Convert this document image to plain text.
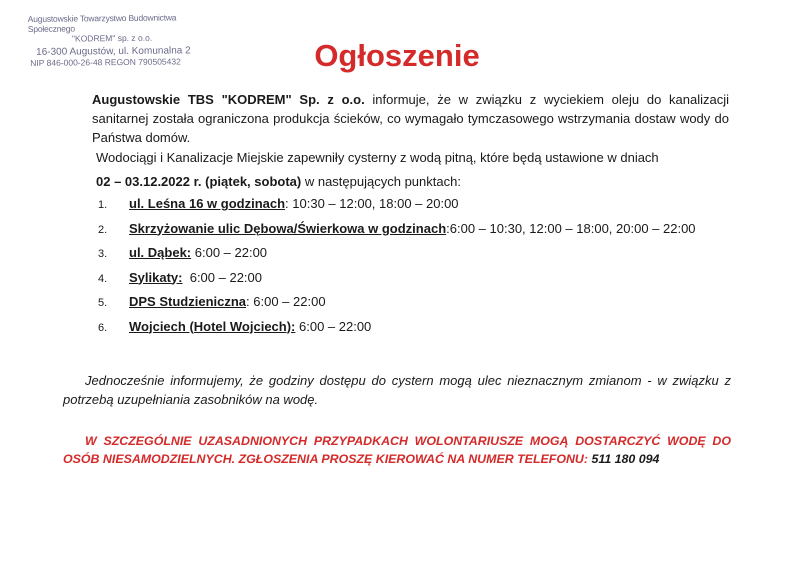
Augustowskie Towarzystwo Budownictwa Społecznego
"KODREM" sp. z o.o.
16-300 Augustów, ul. Komunalna 2
NIP 846-000-26-48 REGON 790505432	Ogłoszenie
Augustowskie TBS "KODREM" Sp. z o.o. informuje, że w związku z wyciekiem oleju do kanalizacji sanitarnej została ograniczona produkcja ścieków, co wymagało tymczasowego wstrzymania dostaw wody do Państwa domów.
Wodociągi i Kanalizacje Miejskie zapewniły cysterny z wodą pitną, które będą ustawione w dniach
02 – 03.12.2022 r. (piątek, sobota) w następujących punktach:
1.	ul. Leśna 16 w godzinach: 10:30 – 12:00, 18:00 – 20:00
2.	Skrzyżowanie ulic Dębowa/Świerkowa w godzinach:6:00 – 10:30, 12:00 – 18:00, 20:00 – 22:00
3.	ul. Dąbek: 6:00 – 22:00
4.	Sylikaty: 6:00 – 22:00
5.	DPS Studzieniczna: 6:00 – 22:00
6.	Wojciech (Hotel Wojciech): 6:00 – 22:00
Jednocześnie informujemy, że godziny dostępu do cystern mogą ulec nieznacznym zmianom - w związku z potrzebą uzupełniania zasobników na wodę.
W SZCZEGÓLNIE UZASADNIONYCH PRZYPADKACH WOLONTARIUSZE MOGĄ DOSTARCZYĆ WODĘ DO OSÓB NIESAMODZIELNYCH. ZGŁOSZENIA PROSZĘ KIEROWAĆ NA NUMER TELEFONU: 511 180 094
